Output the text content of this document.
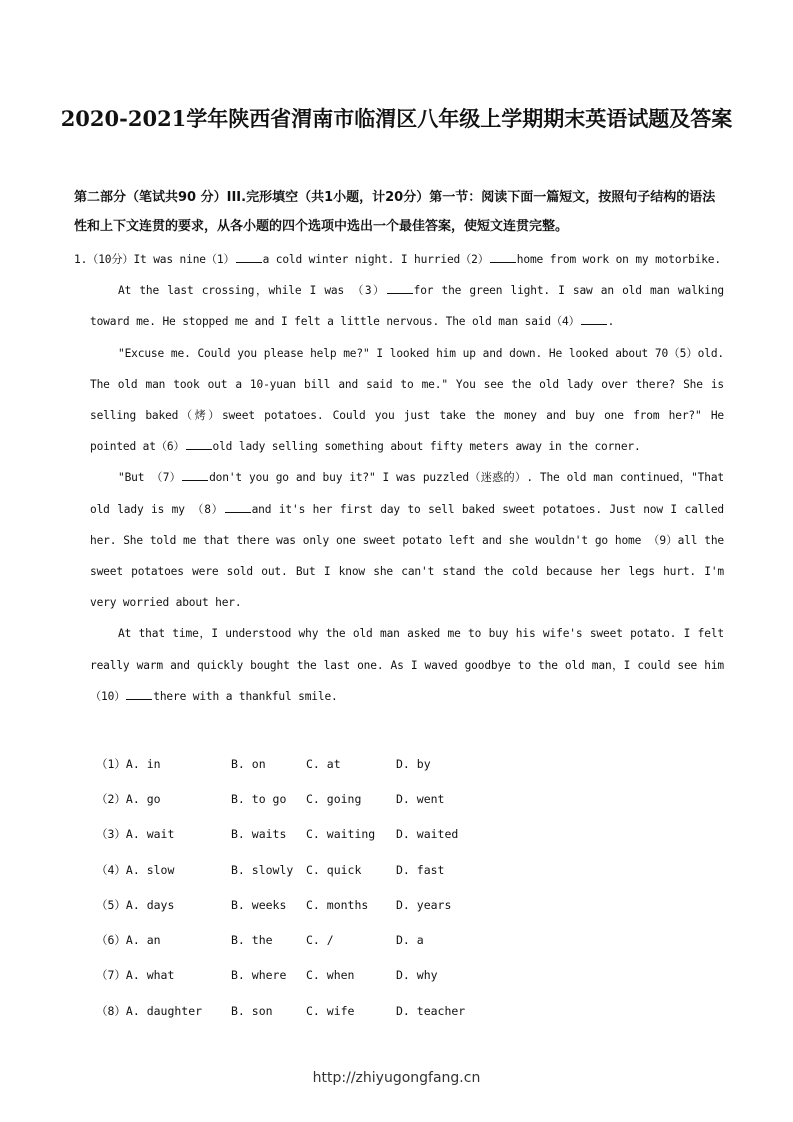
2020-2021学年陕西省渭南市临渭区八年级上学期期末英语试题及答案
第二部分（笔试共90 分）III.完形填空（共1小题，计20分）第一节：阅读下面一篇短文，按照句子结构的语法性和上下文连贯的要求，从各小题的四个选项中选出一个最佳答案，使短文连贯完整。

1.（10分）It was nine（1）	a cold winter night. I hurried（2）	home from work on my motorbike.

At the last crossing，while I was （3）	for the green light. I saw an old man walking toward me. He stopped me and I felt a little nervous. The old man said（4）	.

"Excuse me. Could you please help me?" I looked him up and down. He looked about 70（5）old. The old man took out a 10-yuan bill and said to me." You see the old lady over there? She is selling baked（烤）sweet potatoes. Could you just take the money and buy one from her?" He pointed at（6）	old lady selling something about fifty meters away in the corner.

"But （7）	don't you go and buy it?" I was puzzled（迷惑的）. The old man continued，"That old lady is my （8）	and it's her first day to sell baked sweet potatoes. Just now I called her. She told me that there was only one sweet potato left and she wouldn't go home （9）all the sweet potatoes were sold out. But I know she can't stand the cold because her legs hurt. I'm very worried about her.

At that time，I understood why the old man asked me to buy his wife's sweet potato. I felt really warm and quickly bought the last one. As I waved goodbye to the old man，I could see him（10）	there with a thankful smile.

（1）A. in	B. on	C. at	D. by
（2）A. go	B. to go	C. going	D. went
（3）A. wait	B. waits	C. waiting	D. waited
（4）A. slow	B. slowly	C. quick	D. fast
（5）A. days	B. weeks	C. months	D. years
（6）A. an	B. the	C. /	D. a
（7）A. what	B. where	C. when	D. why
（8）A. daughter	B. son	C. wife	D. teacher
http://zhiyugongfang.cn
